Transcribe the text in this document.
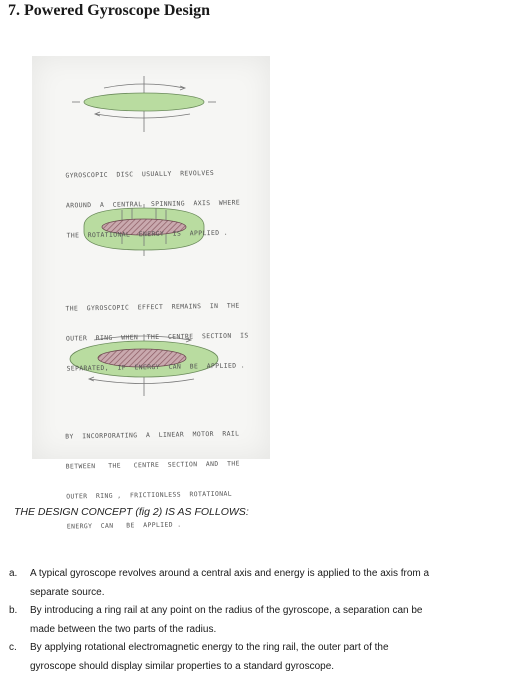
7. Powered Gyroscope Design

GYROSCOPIC  DISC  USUALLY  REVOLVES

AROUND  A  CENTRAL  SPINNING  AXIS  WHERE

THE  ROTATIONAL  ENERGY  IS  APPLIED .

THE  GYROSCOPIC  EFFECT  REMAINS  IN  THE

OUTER  RING  WHEN  THE  CENTRE  SECTION  IS

SEPARATED,  IF  ENERGY  CAN  BE  APPLIED .

BY  INCORPORATING  A  LINEAR  MOTOR  RAIL

BETWEEN   THE   CENTRE  SECTION  AND  THE

OUTER  RING ,  FRICTIONLESS  ROTATIONAL

ENERGY  CAN   BE  APPLIED .

THE DESIGN CONCEPT (fig 2) IS AS FOLLOWS:
a. A typical gyroscope revolves around a central axis and energy is applied to the axis from a
separate source.
b. By introducing a ring rail at any point on the radius of the gyroscope, a separation can be
made between the two parts of the radius.
c. By applying rotational electromagnetic energy to the ring rail, the outer part of the
gyroscope should display similar properties to a standard gyroscope.
